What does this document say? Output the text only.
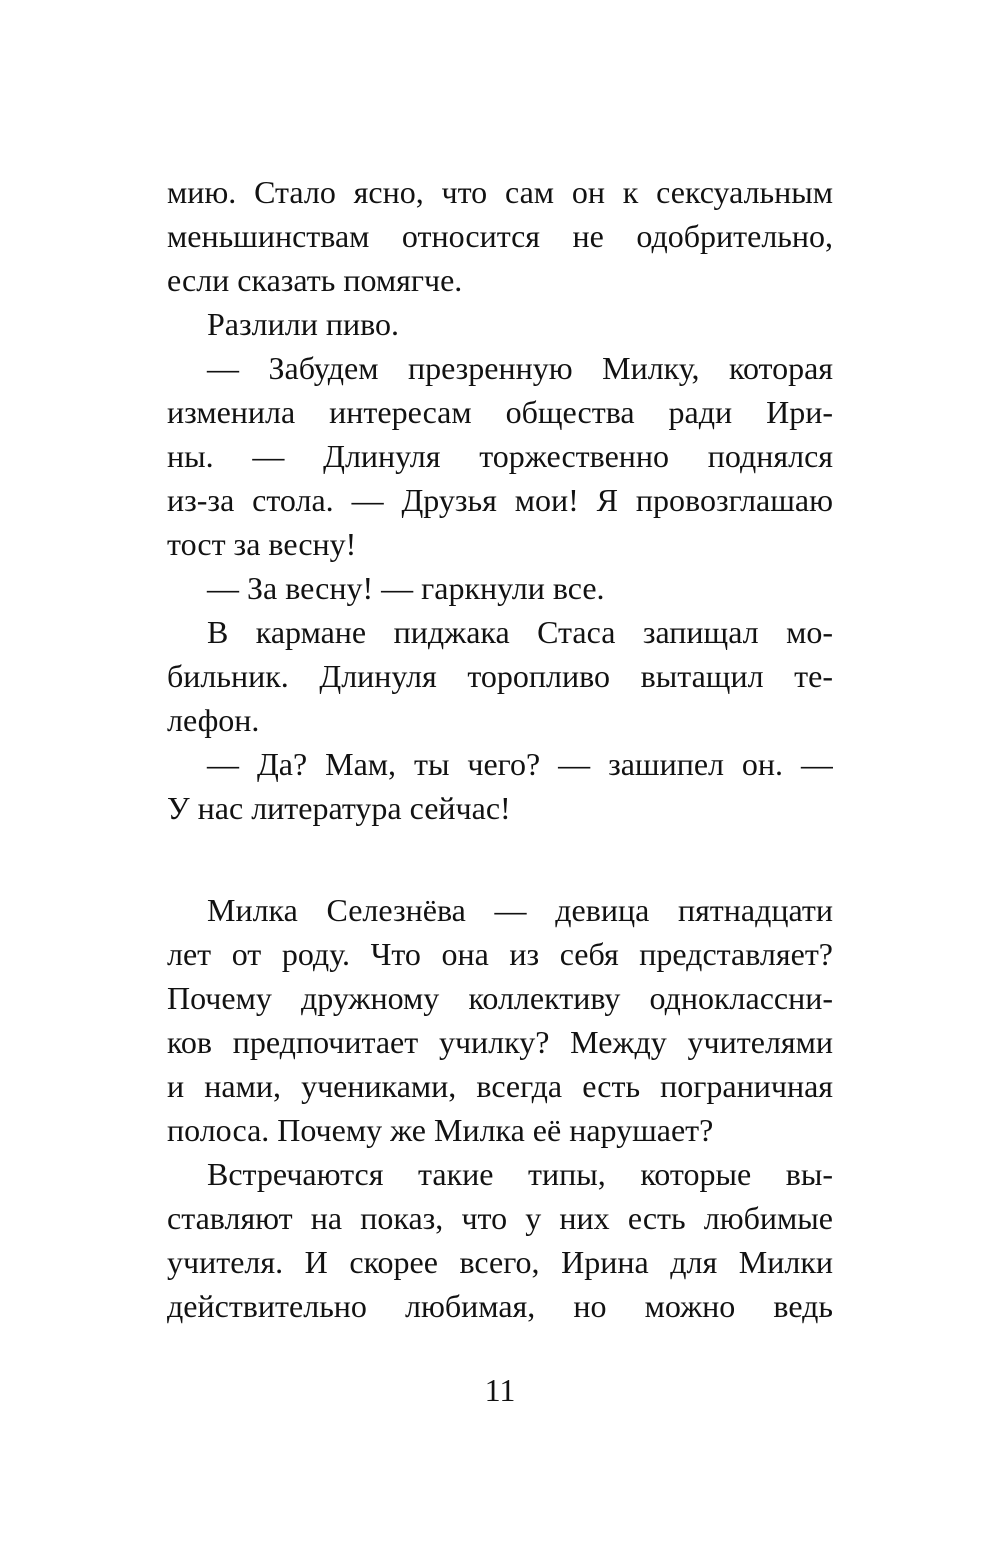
мию. Стало ясно, что сам он к сексуальным
меньшинствам относится не одобрительно,
если сказать помягче.
Разлили пиво.
— Забудем презренную Милку, которая
изменила интересам общества ради Ири-
ны. — Длинуля торжественно поднялся
из-за стола. — Друзья мои! Я провозглашаю
тост за весну!
— За весну! — гаркнули все.
В кармане пиджака Стаса запищал мо-
бильник. Длинуля торопливо вытащил те-
лефон.
— Да? Мам, ты чего? — зашипел он. —
У нас литература сейчас!
Милка Селезнёва — девица пятнадцати
лет от роду. Что она из себя представляет?
Почему дружному коллективу одноклассни-
ков предпочитает училку? Между учителями
и нами, учениками, всегда есть пограничная
полоса. Почему же Милка её нарушает?
Встречаются такие типы, которые вы-
ставляют на показ, что у них есть любимые
учителя. И скорее всего, Ирина для Милки
действительно любимая, но можно ведь
11
